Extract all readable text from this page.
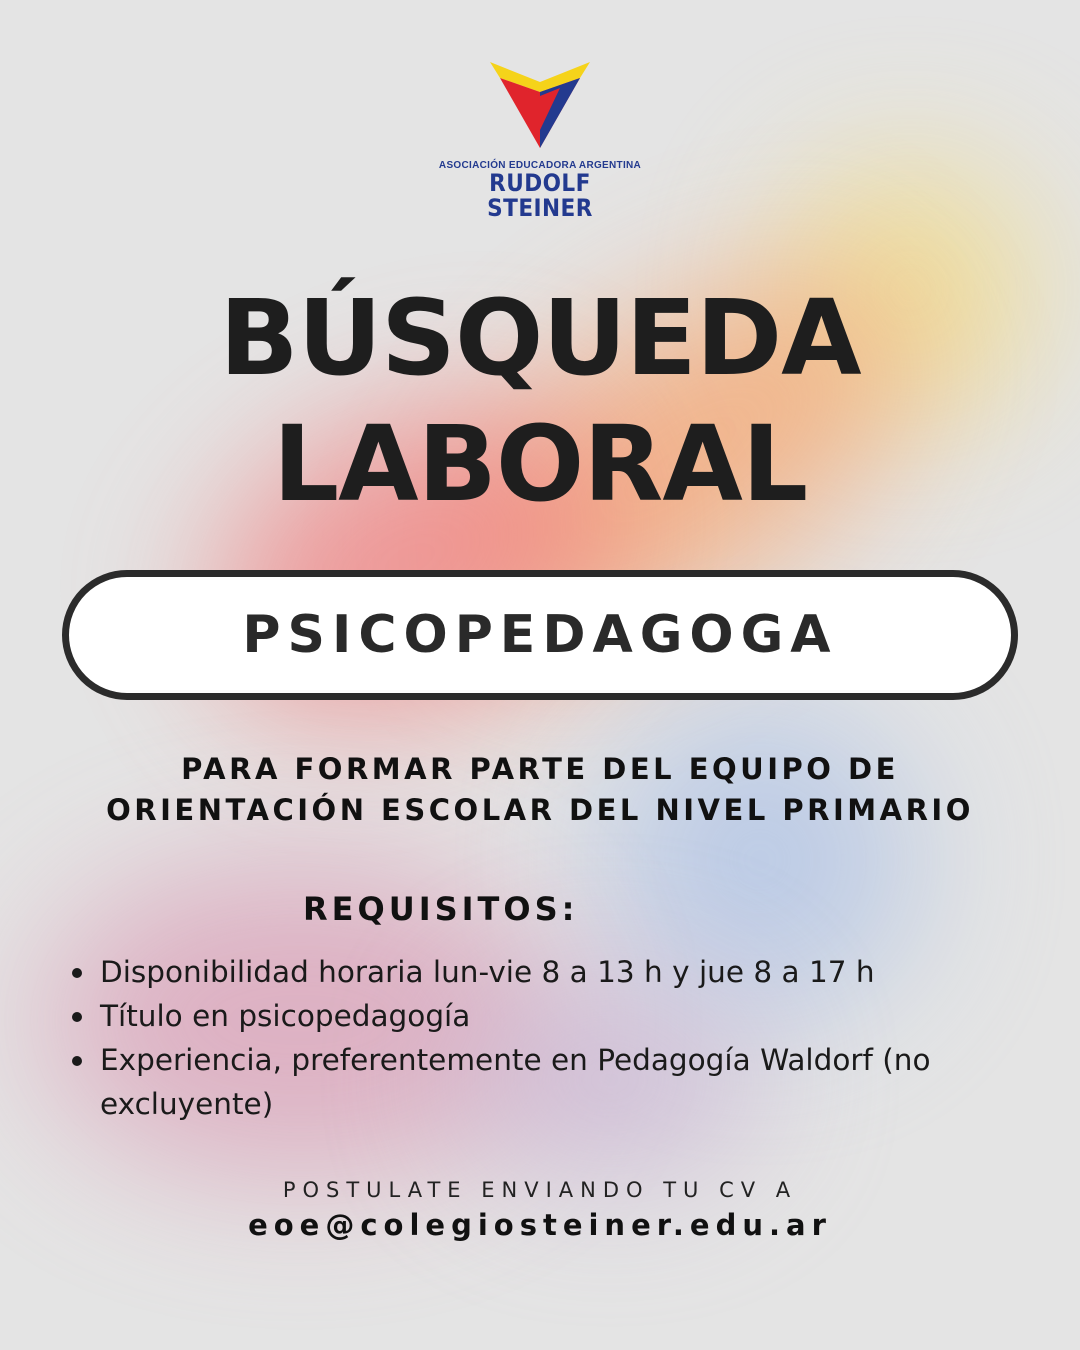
ASOCIACIÓN EDUCADORA ARGENTINA
RUDOLF STEINER
BÚSQUEDA
LABORAL
PSICOPEDAGOGA
PARA FORMAR PARTE DEL EQUIPO DE
ORIENTACIÓN ESCOLAR DEL NIVEL PRIMARIO
REQUISITOS:
Disponibilidad horaria lun-vie 8 a 13 h y jue 8 a 17 h
Título en psicopedagogía
Experiencia, preferentemente en Pedagogía Waldorf (no excluyente)
POSTULATE ENVIANDO TU CV A
eoe@colegiosteiner.edu.ar
